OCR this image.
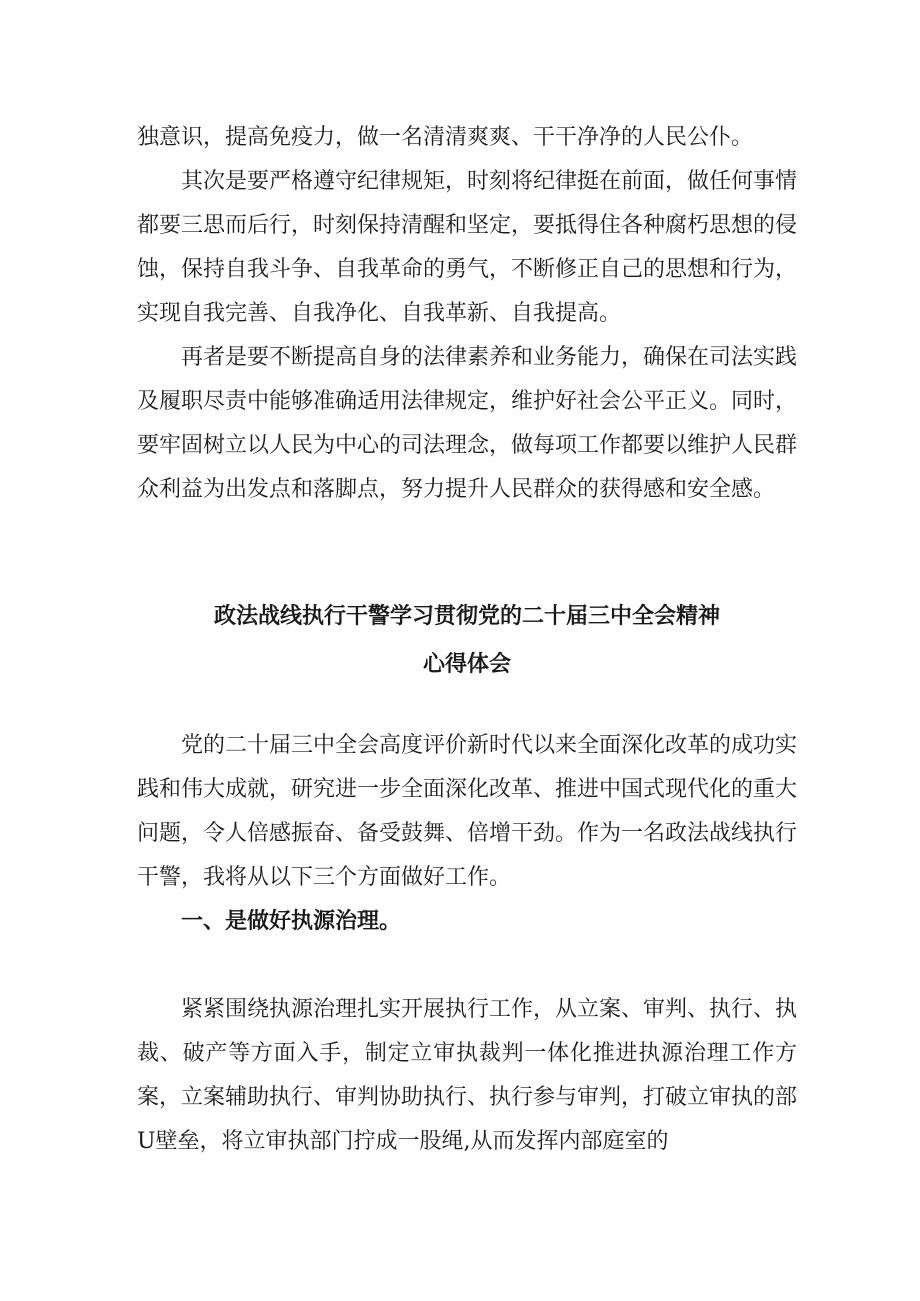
独意识，提高免疫力，做一名清清爽爽、干干净净的人民公仆。

其次是要严格遵守纪律规矩，时刻将纪律挺在前面，做任何事情都要三思而后行，时刻保持清醒和坚定，要抵得住各种腐朽思想的侵蚀，保持自我斗争、自我革命的勇气，不断修正自己的思想和行为，实现自我完善、自我净化、自我革新、自我提高。

再者是要不断提高自身的法律素养和业务能力，确保在司法实践及履职尽责中能够准确适用法律规定，维护好社会公平正义。同时，要牢固树立以人民为中心的司法理念，做每项工作都要以维护人民群众利益为出发点和落脚点，努力提升人民群众的获得感和安全感。

政法战线执行干警学习贯彻党的二十届三中全会精神
心得体会

党的二十届三中全会高度评价新时代以来全面深化改革的成功实践和伟大成就，研究进一步全面深化改革、推进中国式现代化的重大问题，令人倍感振奋、备受鼓舞、倍增干劲。作为一名政法战线执行干警，我将从以下三个方面做好工作。

一、是做好执源治理。

紧紧围绕执源治理扎实开展执行工作，从立案、审判、执行、执裁、破产等方面入手，制定立审执裁判一体化推进执源治理工作方案，立案辅助执行、审判协助执行、执行参与审判，打破立审执的部U壁垒，将立审执部门拧成一股绳,从而发挥内部庭室的
